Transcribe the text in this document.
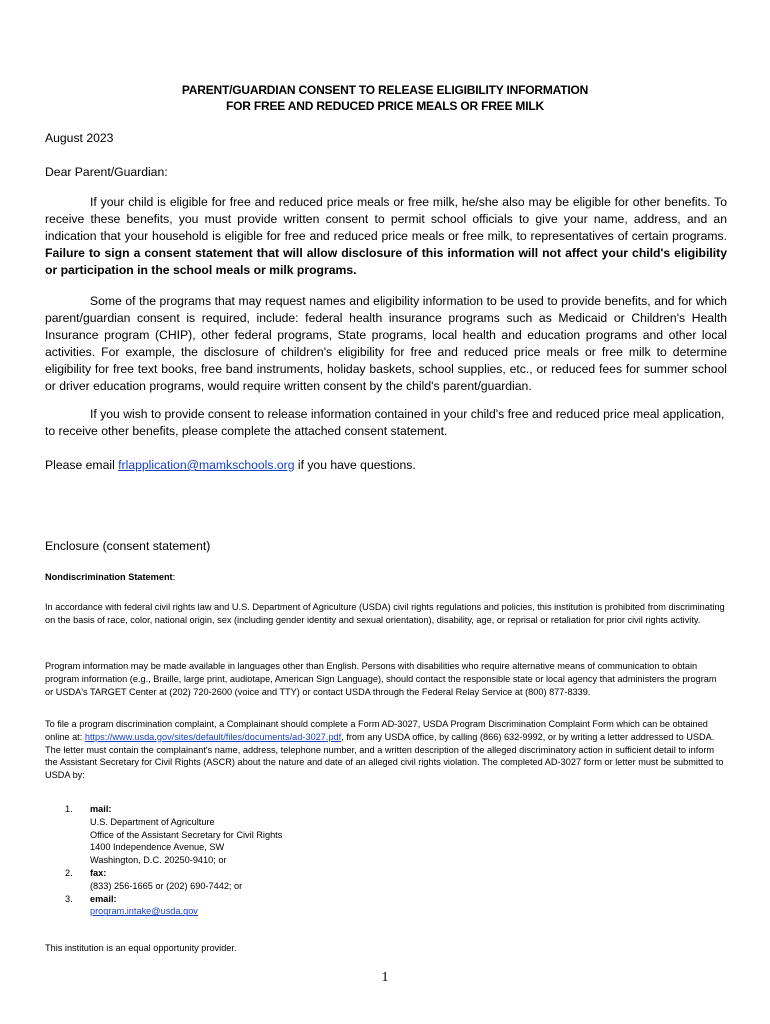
PARENT/GUARDIAN CONSENT TO RELEASE ELIGIBILITY INFORMATION
FOR FREE AND REDUCED PRICE MEALS OR FREE MILK
August 2023
Dear Parent/Guardian:

If your child is eligible for free and reduced price meals or free milk, he/she also may be eligible for other benefits. To receive these benefits, you must provide written consent to permit school officials to give your name, address, and an indication that your household is eligible for free and reduced price meals or free milk, to representatives of certain programs. Failure to sign a consent statement that will allow disclosure of this information will not affect your child's eligibility or participation in the school meals or milk programs.

Some of the programs that may request names and eligibility information to be used to provide benefits, and for which parent/guardian consent is required, include: federal health insurance programs such as Medicaid or Children's Health Insurance program (CHIP), other federal programs, State programs, local health and education programs and other local activities. For example, the disclosure of children's eligibility for free and reduced price meals or free milk to determine eligibility for free text books, free band instruments, holiday baskets, school supplies, etc., or reduced fees for summer school or driver education programs, would require written consent by the child's parent/guardian.

If you wish to provide consent to release information contained in your child's free and reduced price meal application, to receive other benefits, please complete the attached consent statement.

Please email frlapplication@mamkschools.org if you have questions.

Enclosure (consent statement)
Nondiscrimination Statement:

In accordance with federal civil rights law and U.S. Department of Agriculture (USDA) civil rights regulations and policies, this institution is prohibited from discriminating on the basis of race, color, national origin, sex (including gender identity and sexual orientation), disability, age, or reprisal or retaliation for prior civil rights activity.

Program information may be made available in languages other than English. Persons with disabilities who require alternative means of communication to obtain program information (e.g., Braille, large print, audiotape, American Sign Language), should contact the responsible state or local agency that administers the program or USDA's TARGET Center at (202) 720-2600 (voice and TTY) or contact USDA through the Federal Relay Service at (800) 877-8339.

To file a program discrimination complaint, a Complainant should complete a Form AD-3027, USDA Program Discrimination Complaint Form which can be obtained online at: https://www.usda.gov/sites/default/files/documents/ad-3027.pdf, from any USDA office, by calling (866) 632-9992, or by writing a letter addressed to USDA. The letter must contain the complainant's name, address, telephone number, and a written description of the alleged discriminatory action in sufficient detail to inform the Assistant Secretary for Civil Rights (ASCR) about the nature and date of an alleged civil rights violation. The completed AD-3027 form or letter must be submitted to USDA by:

1. mail:
U.S. Department of Agriculture
Office of the Assistant Secretary for Civil Rights
1400 Independence Avenue, SW
Washington, D.C. 20250-9410; or
2. fax:
(833) 256-1665 or (202) 690-7442; or
3. email:
program.intake@usda.gov
This institution is an equal opportunity provider.
1
